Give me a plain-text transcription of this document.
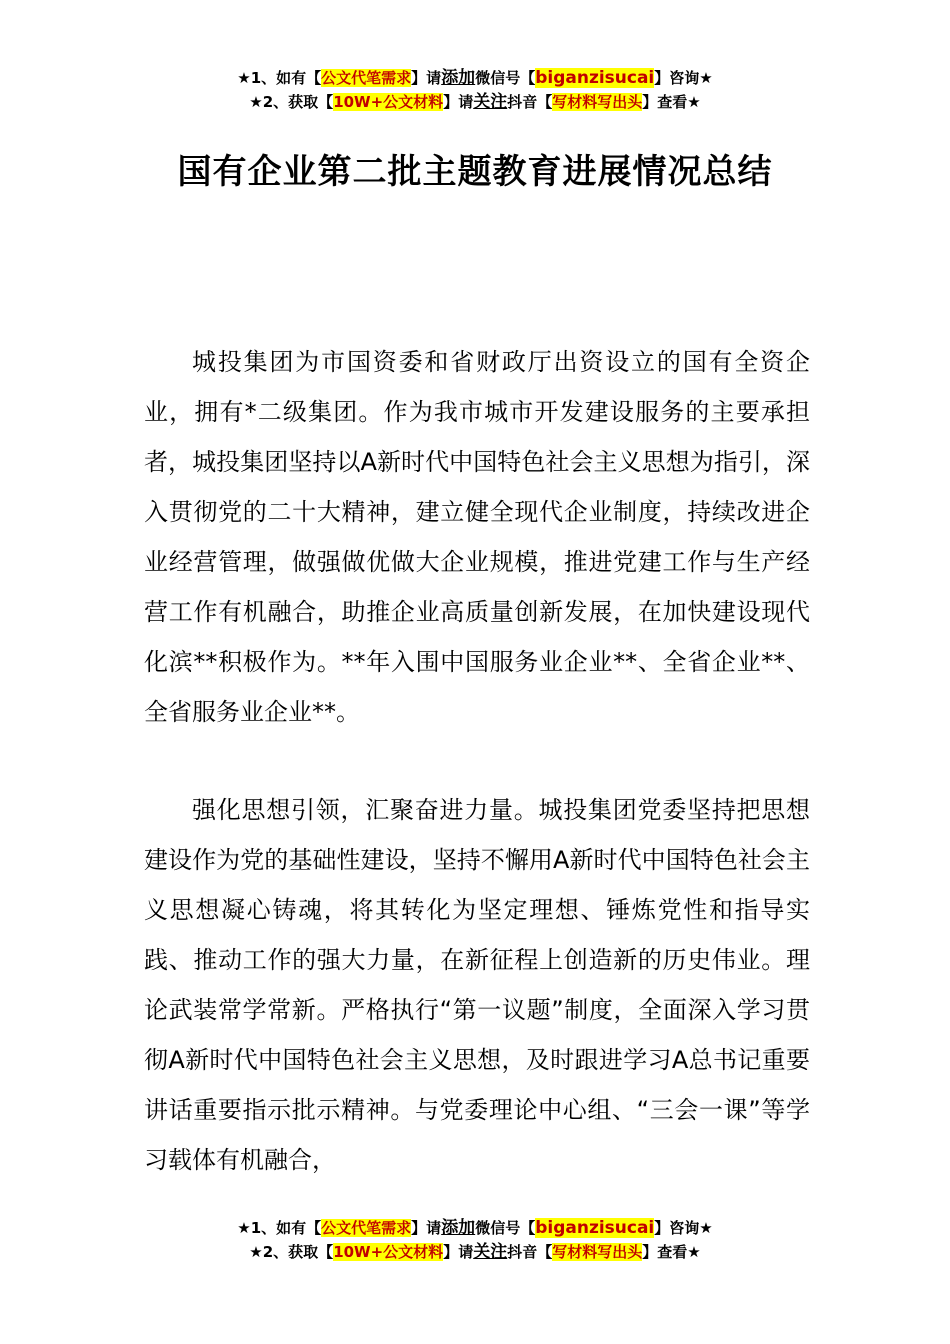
★1、如有【公文代笔需求】请添加微信号【biganzisucai】咨询★
★2、获取【10W+公文材料】请关注抖音【写材料写出头】查看★
国有企业第二批主题教育进展情况总结

城投集团为市国资委和省财政厅出资设立的国有全资企业，拥有*二级集团。作为我市城市开发建设服务的主要承担者，城投集团坚持以A新时代中国特色社会主义思想为指引，深入贯彻党的二十大精神，建立健全现代企业制度，持续改进企业经营管理，做强做优做大企业规模，推进党建工作与生产经营工作有机融合，助推企业高质量创新发展，在加快建设现代化滨**积极作为。**年入围中国服务业企业**、全省企业**、全省服务业企业**。

强化思想引领，汇聚奋进力量。城投集团党委坚持把思想建设作为党的基础性建设，坚持不懈用A新时代中国特色社会主义思想凝心铸魂，将其转化为坚定理想、锤炼党性和指导实践、推动工作的强大力量，在新征程上创造新的历史伟业。理论武装常学常新。严格执行“第一议题”制度，全面深入学习贯彻A新时代中国特色社会主义思想，及时跟进学习A总书记重要讲话重要指示批示精神。与党委理论中心组、“三会一课”等学习载体有机融合，

★1、如有【公文代笔需求】请添加微信号【biganzisucai】咨询★
★2、获取【10W+公文材料】请关注抖音【写材料写出头】查看★
